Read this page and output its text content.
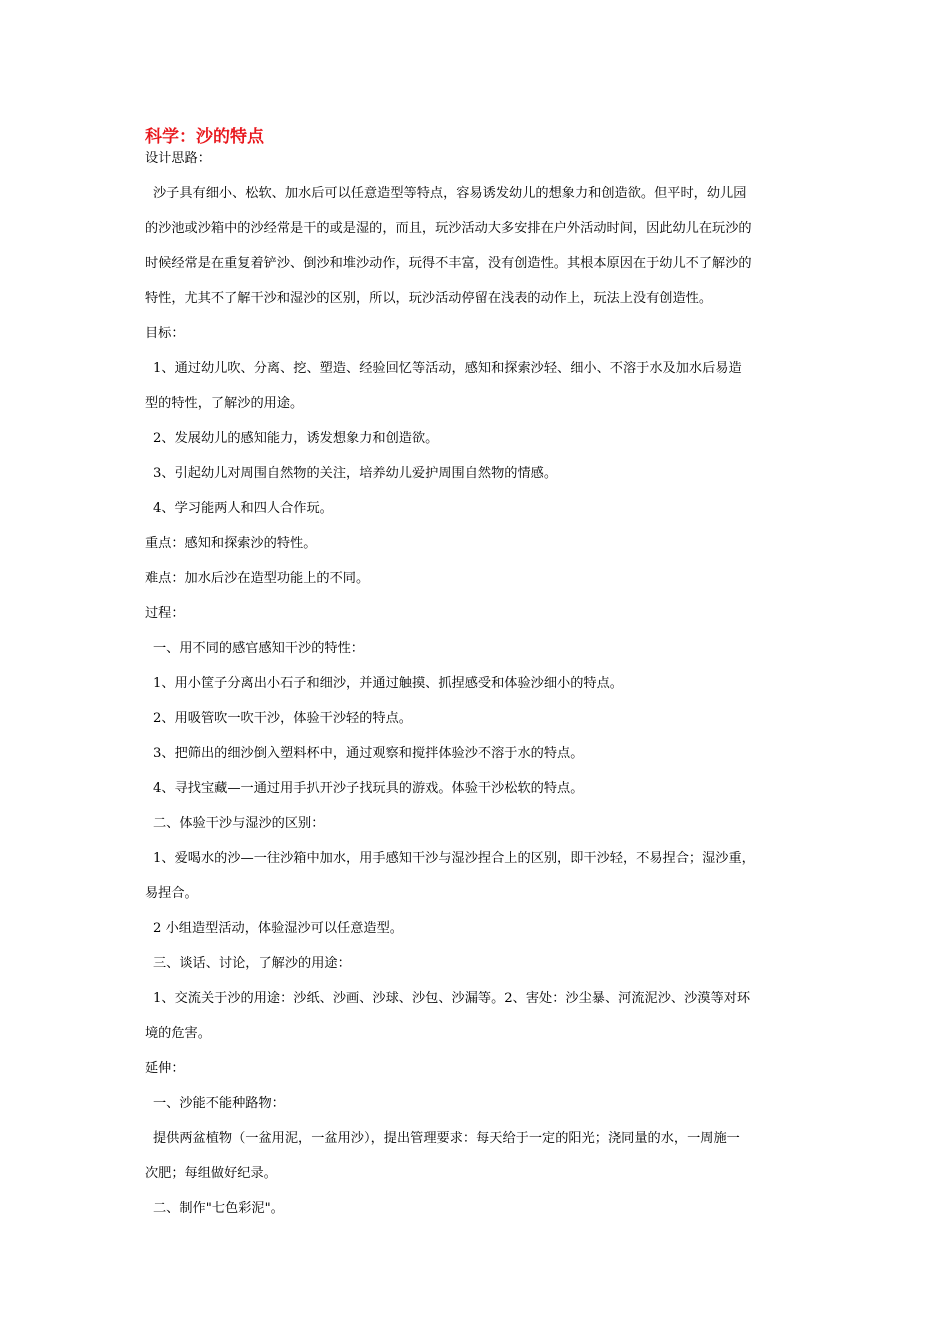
科学：沙的特点
设计思路：
沙子具有细小、松软、加水后可以任意造型等特点，容易诱发幼儿的想象力和创造欲。但平时，幼儿园
的沙池或沙箱中的沙经常是干的或是湿的，而且，玩沙活动大多安排在户外活动时间，因此幼儿在玩沙的
时候经常是在重复着铲沙、倒沙和堆沙动作，玩得不丰富，没有创造性。其根本原因在于幼儿不了解沙的
特性，尤其不了解干沙和湿沙的区别，所以，玩沙活动停留在浅表的动作上，玩法上没有创造性。
目标：
1、通过幼儿吹、分离、挖、塑造、经验回忆等活动，感知和探索沙轻、细小、不溶于水及加水后易造
型的特性，了解沙的用途。
2、发展幼儿的感知能力，诱发想象力和创造欲。
3、引起幼儿对周围自然物的关注，培养幼儿爱护周围自然物的情感。
4、学习能两人和四人合作玩。
重点：感知和探索沙的特性。
难点：加水后沙在造型功能上的不同。
过程：
一、用不同的感官感知干沙的特性：
1、用小筐子分离出小石子和细沙，并通过触摸、抓捏感受和体验沙细小的特点。
2、用吸管吹一吹干沙，体验干沙轻的特点。
3、把筛出的细沙倒入塑料杯中，通过观察和搅拌体验沙不溶于水的特点。
4、寻找宝藏—一通过用手扒开沙子找玩具的游戏。体验干沙松软的特点。
二、体验干沙与湿沙的区别：
1、爱喝水的沙—一往沙箱中加水，用手感知干沙与湿沙捏合上的区别，即干沙轻，不易捏合；湿沙重，
易捏合。
2 小组造型活动，体验湿沙可以任意造型。
三、谈话、讨论，了解沙的用途：
1、交流关于沙的用途：沙纸、沙画、沙球、沙包、沙漏等。2、害处：沙尘暴、河流泥沙、沙漠等对环
境的危害。
延伸：
一、沙能不能种路物：
提供两盆植物（一盆用泥，一盆用沙），提出管理要求：每天给于一定的阳光；浇同量的水，一周施一
次肥；每组做好纪录。
二、制作"七色彩泥"。
